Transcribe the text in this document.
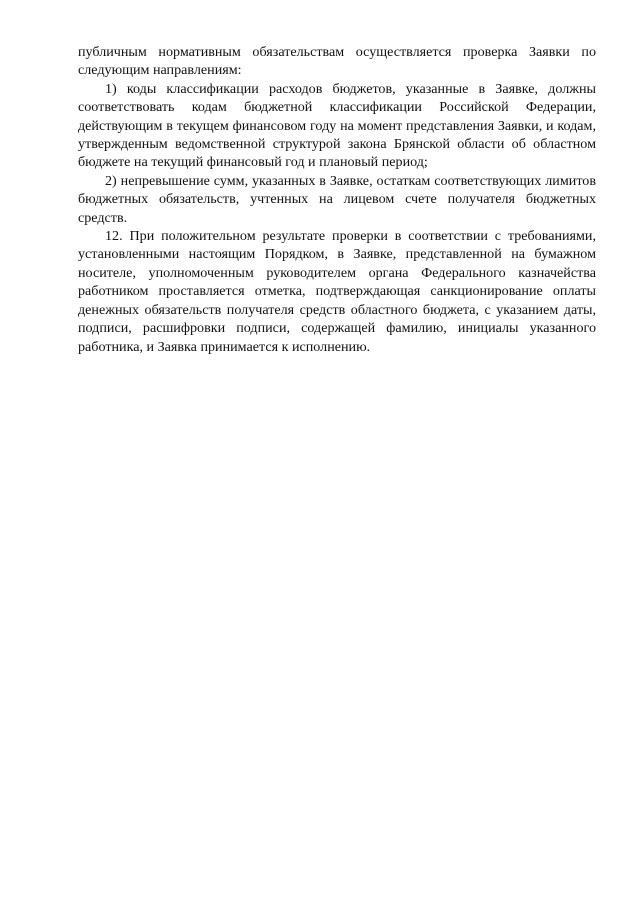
публичным нормативным обязательствам осуществляется проверка Заявки по следующим направлениям:

1) коды классификации расходов бюджетов, указанные в Заявке, должны соответствовать кодам бюджетной классификации Российской Федерации, действующим в текущем финансовом году на момент представления Заявки, и кодам, утвержденным ведомственной структурой закона Брянской области об областном бюджете на текущий финансовый год и плановый период;

2) непревышение сумм, указанных в Заявке, остаткам соответствующих лимитов бюджетных обязательств, учтенных на лицевом счете получателя бюджетных средств.

12. При положительном результате проверки в соответствии с требованиями, установленными настоящим Порядком, в Заявке, представленной на бумажном носителе, уполномоченным руководителем органа Федерального казначейства работником проставляется отметка, подтверждающая санкционирование оплаты денежных обязательств получателя средств областного бюджета, с указанием даты, подписи, расшифровки подписи, содержащей фамилию, инициалы указанного работника, и Заявка принимается к исполнению.
